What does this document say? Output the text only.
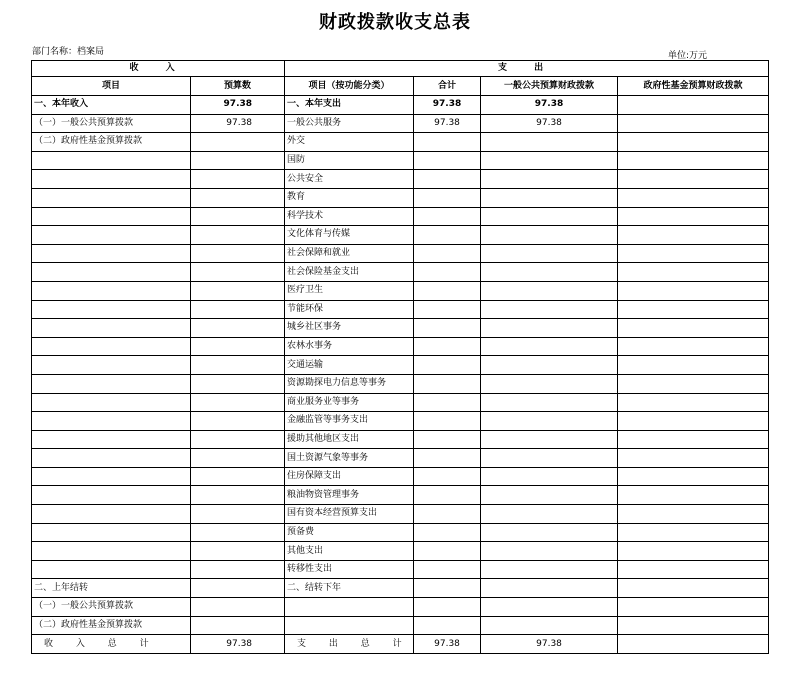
财政拨款收支总表
部门名称：档案局	单位:万元
收 入		支 出			
项目	预算数	项目（按功能分类）	合计	一般公共预算财政拨款	政府性基金预算财政拨款
一、本年收入	97.38	一、本年支出	97.38	97.38	
（一）一般公共预算拨款	97.38	一般公共服务	97.38	97.38	
（二）政府性基金预算拨款		外交			
		国防			
		公共安全			
		教育			
		科学技术			
		文化体育与传媒			
		社会保障和就业			
		社会保险基金支出			
		医疗卫生			
		节能环保			
		城乡社区事务			
		农林水事务			
		交通运输			
		资源勘探电力信息等事务			
		商业服务业等事务			
		金融监管等事务支出			
		援助其他地区支出			
		国土资源气象等事务			
		住房保障支出			
		粮油物资管理事务			
		国有资本经营预算支出			
		预备费			
		其他支出			
		转移性支出			
二、上年结转		二、结转下年			
（一）一般公共预算拨款					
（二）政府性基金预算拨款					
收 入 总 计	97.38	支 出 总 计	97.38	97.38	
